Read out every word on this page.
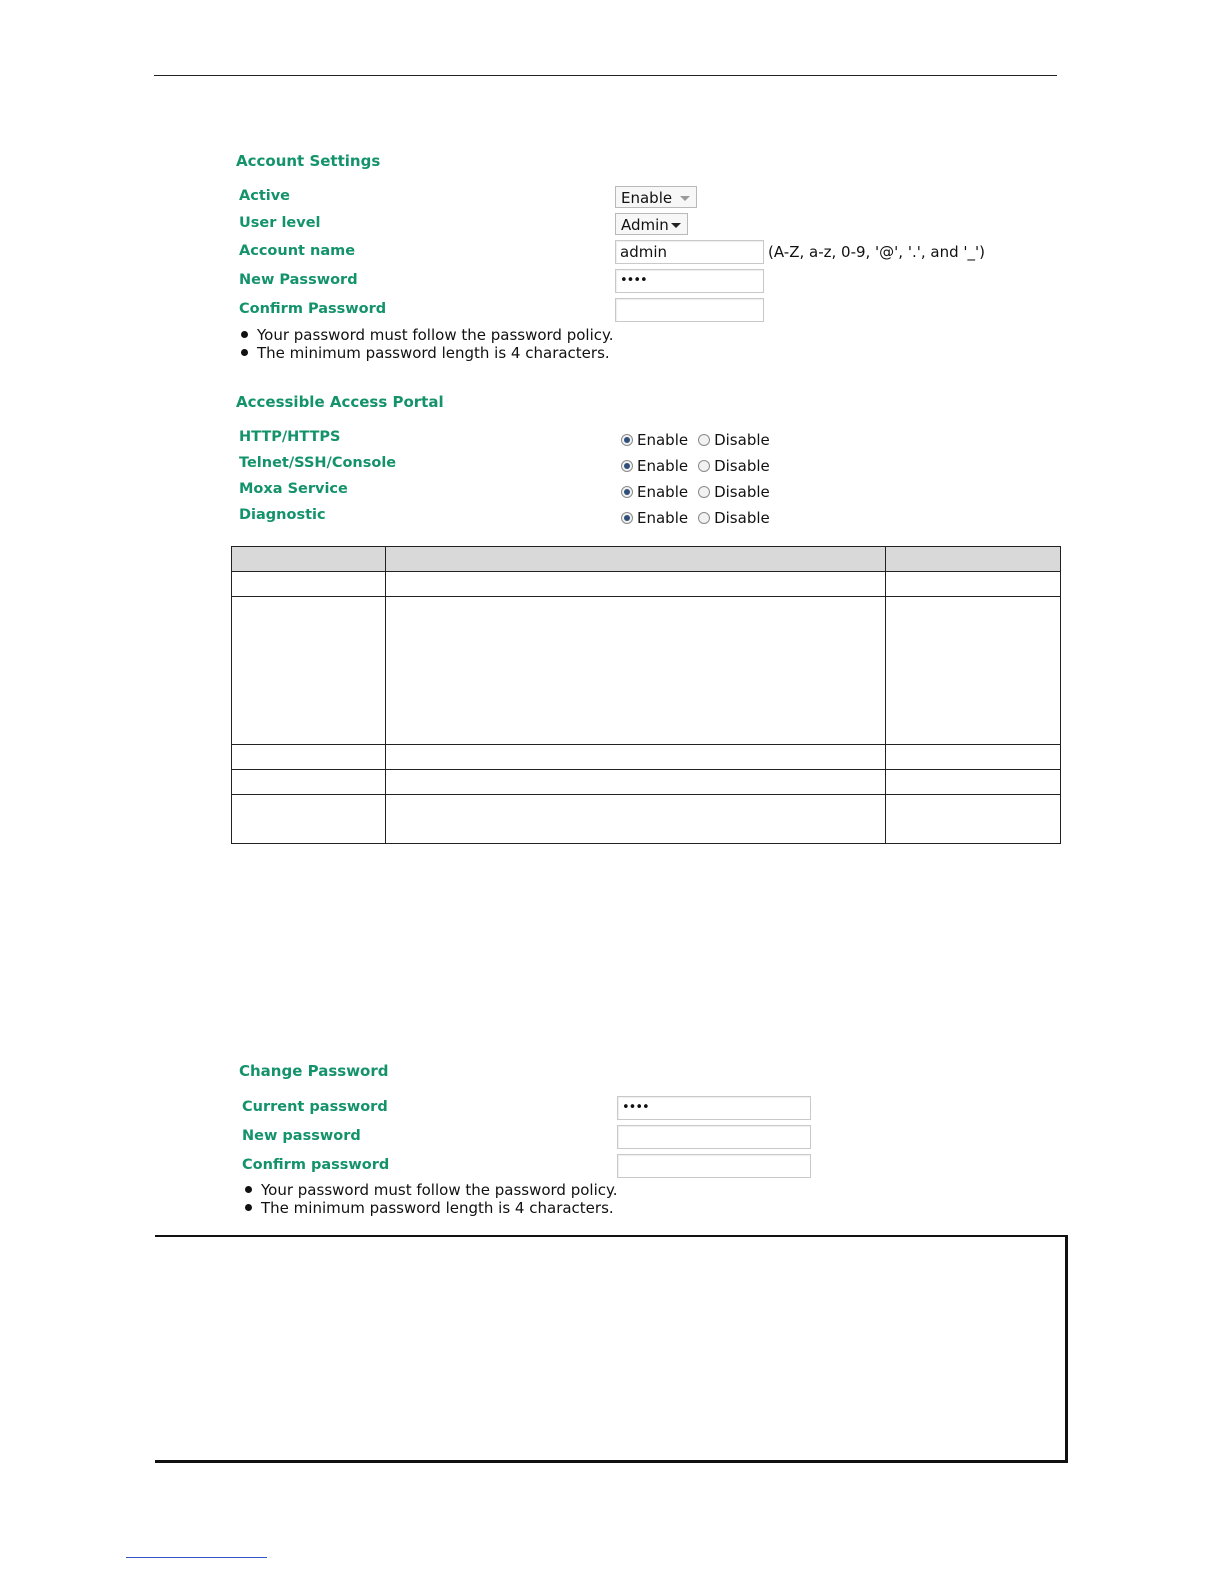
Account Settings
Active	Enable
User level	Admin
Account name	admin	(A-Z, a-z, 0-9, '@', '.', and '_')
New Password	••••
Confirm Password
Your password must follow the password policy.
The minimum password length is 4 characters.
Accessible Access Portal
HTTP/HTTPS	Enable Disable
Telnet/SSH/Console	Enable Disable
Moxa Service	Enable Disable
Diagnostic	Enable Disable

Change Password
Current password	••••
New password
Confirm password
Your password must follow the password policy.
The minimum password length is 4 characters.
